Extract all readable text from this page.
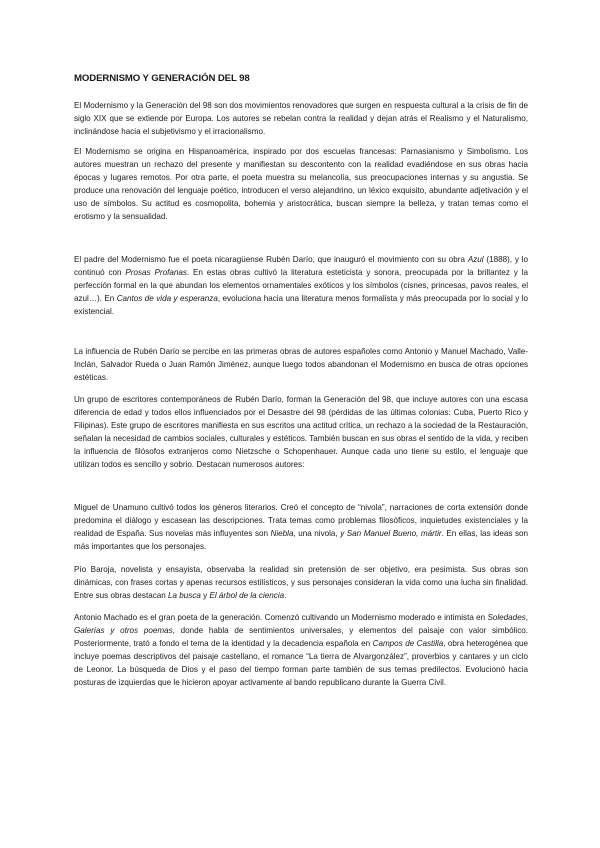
MODERNISMO Y GENERACIÓN DEL 98

El Modernismo y la Generación del 98 son dos movimientos renovadores que surgen en respuesta cultural a la crisis de fin de siglo XIX que se extiende por Europa. Los autores se rebelan contra la realidad y dejan atrás el Realismo y el Naturalismo, inclinándose hacia el subjetivismo y el irracionalismo.

El Modernismo se origina en Hispanoamérica, inspirado por dos escuelas francesas: Parnasianismo y Simbolismo. Los autores muestran un rechazo del presente y manifiestan su descontento con la realidad evadiéndose en sus obras hacia épocas y lugares remotos. Por otra parte, el poeta muestra su melancolía, sus preocupaciones internas y su angustia. Se produce una renovación del lenguaje poético, introducen el verso alejandrino, un léxico exquisito, abundante adjetivación y el uso de símbolos. Su actitud es cosmopolita, bohemia y aristocrática, buscan siempre la belleza, y tratan temas como el erotismo y la sensualidad.

El padre del Modernismo fue el poeta nicaragüense Rubén Darío, que inauguró el movimiento con su obra Azul (1888), y lo continuó con Prosas Profanas. En estas obras cultivó la literatura esteticista y sonora, preocupada por la brillantez y la perfección formal en la que abundan los elementos ornamentales exóticos y los símbolos (cisnes, princesas, pavos reales, el azul…). En Cantos de vida y esperanza, evoluciona hacia una literatura menos formalista y más preocupada por lo social y lo existencial.

La influencia de Rubén Darío se percibe en las primeras obras de autores españoles como Antonio y Manuel Machado, Valle-Inclán, Salvador Rueda o Juan Ramón Jiménez, aunque luego todos abandonan el Modernismo en busca de otras opciones estéticas.

Un grupo de escritores contemporáneos de Rubén Darío, forman la Generación del 98, que incluye autores con una escasa diferencia de edad y todos ellos influenciados por el Desastre del 98 (pérdidas de las últimas colonias: Cuba, Puerto Rico y Filipinas). Este grupo de escritores manifiesta en sus escritos una actitud crítica, un rechazo a la sociedad de la Restauración, señalan la necesidad de cambios sociales, culturales y estéticos. También buscan en sus obras el sentido de la vida, y reciben la influencia de filósofos extranjeros como Nietzsche o Schopenhauer. Aunque cada uno tiene su estilo, el lenguaje que utilizan todos es sencillo y sobrio. Destacan numerosos autores:

Miguel de Unamuno cultivó todos los géneros literarios. Creó el concepto de “nivola”, narraciones de corta extensión donde predomina el diálogo y escasean las descripciones. Trata temas como problemas filosóficos, inquietudes existenciales y la realidad de España. Sus novelas más influyentes son Niebla, una nivola, y San Manuel Bueno, mártir. En ellas, las ideas son más importantes que los personajes.

Pío Baroja, novelista y ensayista, observaba la realidad sin pretensión de ser objetivo, era pesimista. Sus obras son dinámicas, con frases cortas y apenas recursos estilísticos, y sus personajes consideran la vida como una lucha sin finalidad. Entre sus obras destacan La busca y El árbol de la ciencia.

Antonio Machado es el gran poeta de la generación. Comenzó cultivando un Modernismo moderado e intimista en Soledades, Galerías y otros poemas, donde habla de sentimientos universales, y elementos del paisaje con valor simbólico. Posteriormente, trató a fondo el tema de la identidad y la decadencia española en Campos de Castilla, obra heterogénea que incluye poemas descriptivos del paisaje castellano, el romance “La tierra de Alvargonzález”, proverbios y cantares y un ciclo de Leonor. La búsqueda de Dios y el paso del tiempo forman parte también de sus temas predilectos. Evolucionó hacia posturas de izquierdas que le hicieron apoyar activamente al bando republicano durante la Guerra Civil.
